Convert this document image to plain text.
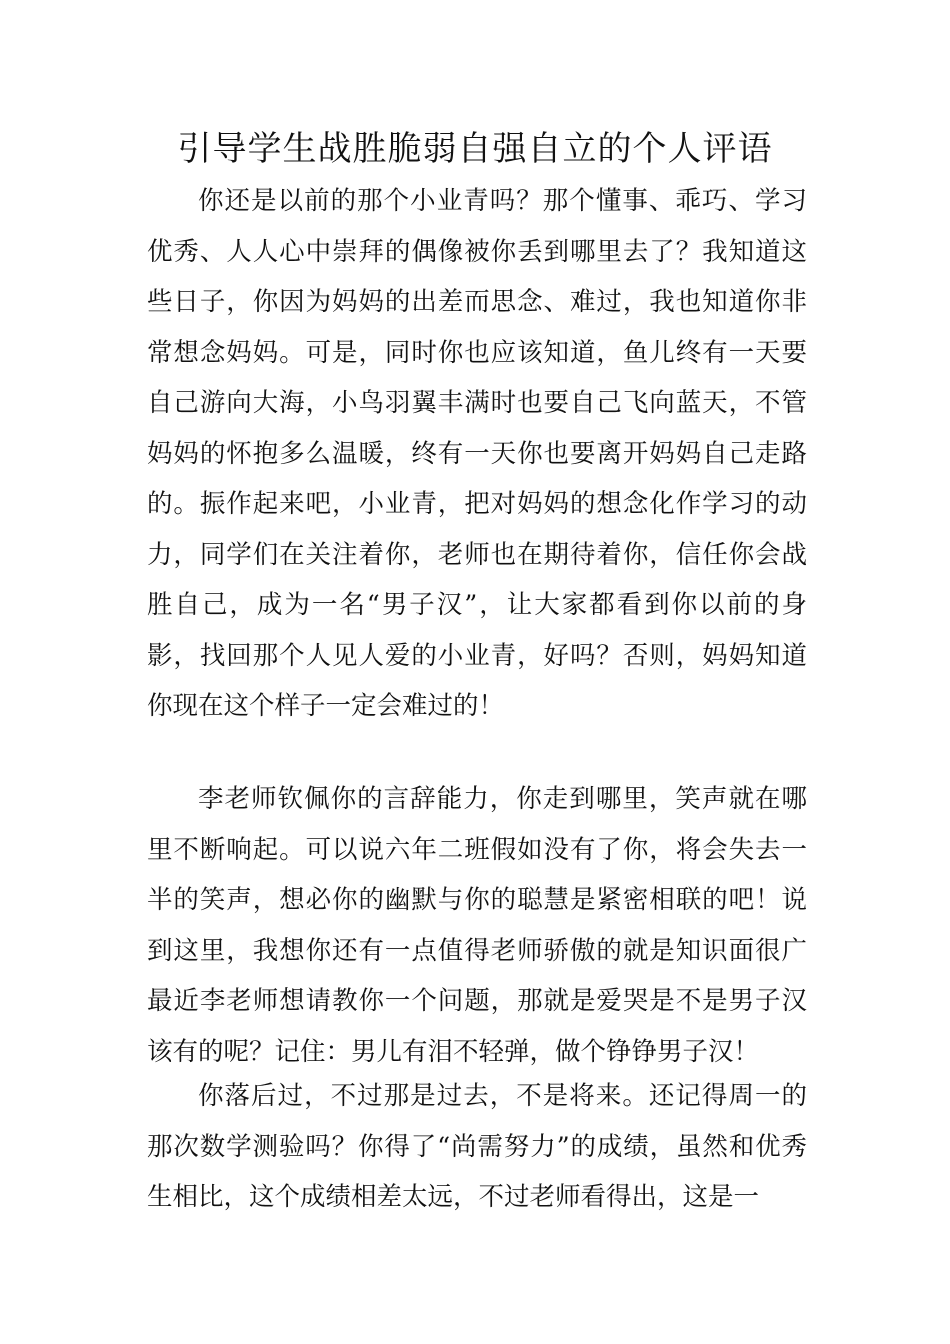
引导学生战胜脆弱自强自立的个人评语

你还是以前的那个小业青吗？那个懂事、乖巧、学习优秀、人人心中崇拜的偶像被你丢到哪里去了？我知道这些日子，你因为妈妈的出差而思念、难过，我也知道你非常想念妈妈。可是，同时你也应该知道，鱼儿终有一天要自己游向大海，小鸟羽翼丰满时也要自己飞向蓝天，不管妈妈的怀抱多么温暖，终有一天你也要离开妈妈自己走路的。振作起来吧，小业青，把对妈妈的想念化作学习的动力，同学们在关注着你，老师也在期待着你，信任你会战胜自己，成为一名“男子汉”，让大家都看到你以前的身影，找回那个人见人爱的小业青，好吗？否则，妈妈知道你现在这个样子一定会难过的！

李老师钦佩你的言辞能力，你走到哪里，笑声就在哪里不断响起。可以说六年二班假如没有了你，将会失去一半的笑声，想必你的幽默与你的聪慧是紧密相联的吧！说到这里，我想你还有一点值得老师骄傲的就是知识面很广最近李老师想请教你一个问题，那就是爱哭是不是男子汉该有的呢？记住：男儿有泪不轻弹，做个铮铮男子汉！

你落后过，不过那是过去，不是将来。还记得周一的那次数学测验吗？你得了“尚需努力”的成绩，虽然和优秀生相比，这个成绩相差太远，不过老师看得出，这是一
